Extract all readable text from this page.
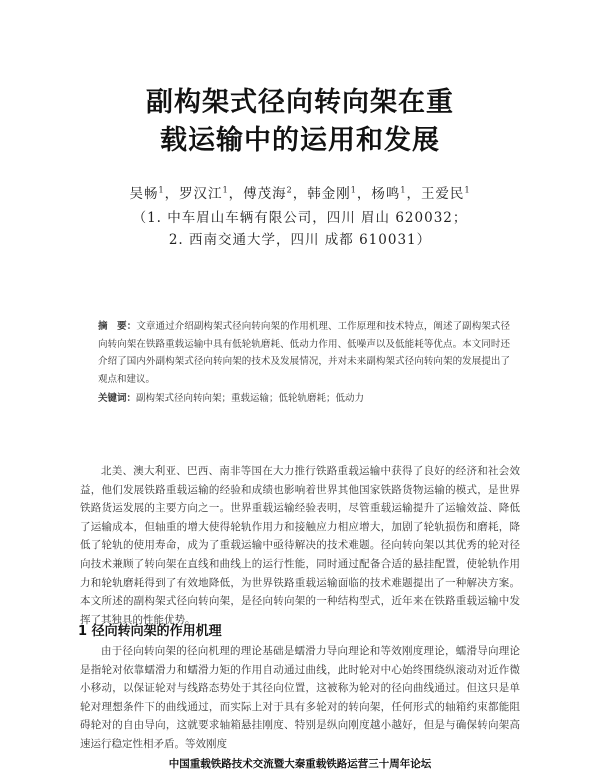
副构架式径向转向架在重
载运输中的运用和发展
吴畅$^1$，罗汉江$^1$，傅茂海$^2$，韩金刚$^1$，杨鸣$^1$，王爱民$^1$
（1. 中车眉山车辆有限公司，四川 眉山 620032；
2. 西南交通大学，四川 成都 610031）
摘　要：文章通过介绍副构架式径向转向架的作用机理、工作原理和技术特点，阐述了副构架式径向转向架在铁路重载运输中具有低轮轨磨耗、低动力作用、低噪声以及低能耗等优点。本文同时还介绍了国内外副构架式径向转向架的技术及发展情况，并对未来副构架式径向转向架的发展提出了观点和建议。
关键词：副构架式径向转向架；重载运输；低轮轨磨耗；低动力
北美、澳大利亚、巴西、南非等国在大力推行铁路重载运输中获得了良好的经济和社会效益，他们发展铁路重载运输的经验和成绩也影响着世界其他国家铁路货物运输的模式，是世界铁路货运发展的主要方向之一。世界重载运输经验表明，尽管重载运输提升了运输效益、降低了运输成本，但轴重的增大使得轮轨作用力和接触应力相应增大，加剧了轮轨损伤和磨耗，降低了轮轨的使用寿命，成为了重载运输中亟待解决的技术难题。径向转向架以其优秀的轮对径向技术兼顾了转向架在直线和曲线上的运行性能，同时通过配备合适的悬挂配置，使轮轨作用力和轮轨磨耗得到了有效地降低，为世界铁路重载运输面临的技术难题提出了一种解决方案。本文所述的副构架式径向转向架，是径向转向架的一种结构型式，近年来在铁路重载运输中发挥了其独具的性能优势。
1 径向转向架的作用机理
由于径向转向架的径向机理的理论基础是蠕滑力导向理论和等效刚度理论，蠕滑导向理论是指轮对依靠蠕滑力和蠕滑力矩的作用自动通过曲线，此时轮对中心始终围绕纵滚动对近作微小移动，以保证轮对与线路态势处于其径向位置，这被称为轮对的径向曲线通过。但这只是单轮对理想条件下的曲线通过，而实际上对于具有多轮对的转向架，任何形式的轴箱约束都能阻碍轮对的自由导向，这就要求轴箱悬挂刚度、特别是纵向刚度越小越好，但是与确保转向架高速运行稳定性相矛盾。等效刚度
中国重载铁路技术交流暨大秦重载铁路运营三十周年论坛
